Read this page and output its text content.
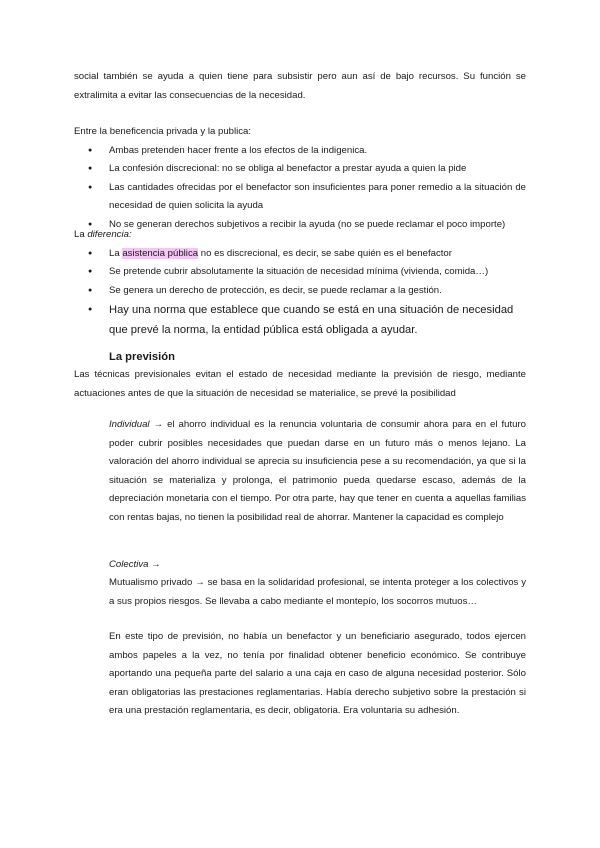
social también se ayuda a quien tiene para subsistir pero aun así de bajo recursos. Su función se extralimita a evitar las consecuencias de la necesidad.

Entre la beneficencia privada y la publica:
● Ambas pretenden hacer frente a los efectos de la indigenica.
● La confesión discrecional: no se obliga al benefactor a prestar ayuda a quien la pide
● Las cantidades ofrecidas por el benefactor son insuficientes para poner remedio a la situación de necesidad de quien solicita la ayuda
● No se generan derechos subjetivos a recibir la ayuda (no se puede reclamar el poco importe)
La diferencia:
● La asistencia pública no es discrecional, es decir, se sabe quién es el benefactor
● Se pretende cubrir absolutamente la situación de necesidad mínima (vivienda, comida…)
● Se genera un derecho de protección, es decir, se puede reclamar a la gestión.
● Hay una norma que establece que cuando se está en una situación de necesidad que prevé la norma, la entidad pública está obligada a ayudar.
La previsión

Las técnicas previsionales evitan el estado de necesidad mediante la previsión de riesgo, mediante actuaciones antes de que la situación de necesidad se materialice, se prevé la posibilidad

Individual → el ahorro individual es la renuncia voluntaria de consumir ahora para en el futuro poder cubrir posibles necesidades que puedan darse en un futuro más o menos lejano. La valoración del ahorro individual se aprecia su insuficiencia pese a su recomendación, ya que si la situación se materializa y prolonga, el patrimonio pueda quedarse escaso, además de la depreciación monetaria con el tiempo. Por otra parte, hay que tener en cuenta a aquellas familias con rentas bajas, no tienen la posibilidad real de ahorrar. Mantener la capacidad es complejo

Colectiva →

Mutualismo privado → se basa en la solidaridad profesional, se intenta proteger a los colectivos y a sus propios riesgos. Se llevaba a cabo mediante el montepío, los socorros mutuos…

En este tipo de previsión, no había un benefactor y un beneficiario asegurado, todos ejercen ambos papeles a la vez, no tenía por finalidad obtener beneficio económico. Se contribuye aportando una pequeña parte del salario a una caja en caso de alguna necesidad posterior. Sólo eran obligatorias las prestaciones reglamentarias. Había derecho subjetivo sobre la prestación si era una prestación reglamentaria, es decir, obligatoria. Era voluntaria su adhesión.
